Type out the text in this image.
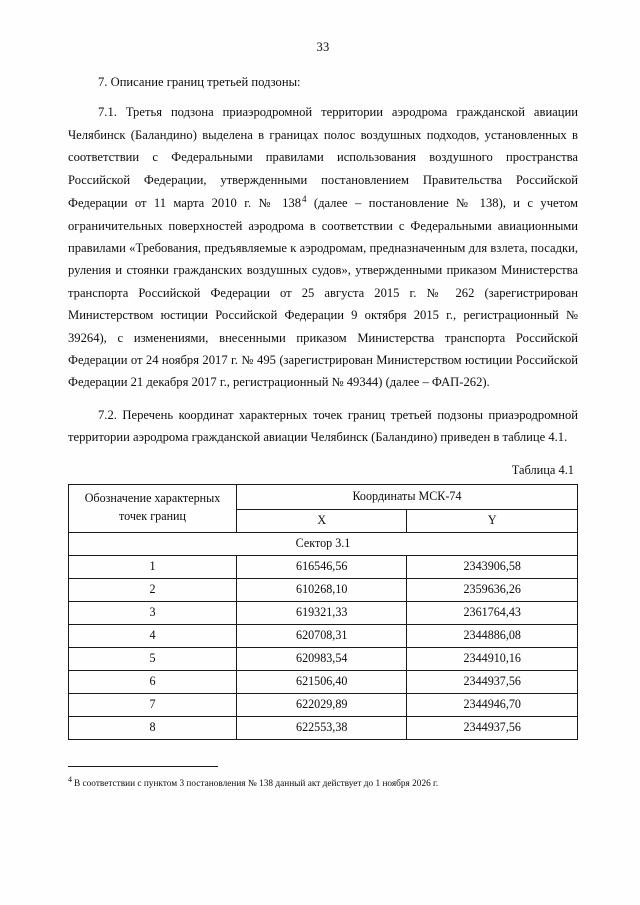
33

7. Описание границ третьей подзоны:

7.1. Третья подзона приаэродромной территории аэродрома гражданской авиации Челябинск (Баландино) выделена в границах полос воздушных подходов, установленных в соответствии с Федеральными правилами использования воздушного пространства Российской Федерации, утвержденными постановлением Правительства Российской Федерации от 11 марта 2010 г. № 138$^4$ (далее – постановление № 138), и с учетом ограничительных поверхностей аэродрома в соответствии с Федеральными авиационными правилами «Требования, предъявляемые к аэродромам, предназначенным для взлета, посадки, руления и стоянки гражданских воздушных судов», утвержденными приказом Министерства транспорта Российской Федерации от 25 августа 2015 г. № 262 (зарегистрирован Министерством юстиции Российской Федерации 9 октября 2015 г., регистрационный № 39264), с изменениями, внесенными приказом Министерства транспорта Российской Федерации от 24 ноября 2017 г. № 495 (зарегистрирован Министерством юстиции Российской Федерации 21 декабря 2017 г., регистрационный № 49344) (далее – ФАП-262).

7.2. Перечень координат характерных точек границ третьей подзоны приаэродромной территории аэродрома гражданской авиации Челябинск (Баландино) приведен в таблице 4.1.

Таблица 4.1
Обозначение характерных точек границ	Координаты МСК-74	
	X	Y
Сектор 3.1		
1	616546,56	2343906,58
2	610268,10	2359636,26
3	619321,33	2361764,43
4	620708,31	2344886,08
5	620983,54	2344910,16
6	621506,40	2344937,56
7	622029,89	2344946,70
8	622553,38	2344937,56
$^4$ В соответствии с пунктом 3 постановления № 138 данный акт действует до 1 ноября 2026 г.
